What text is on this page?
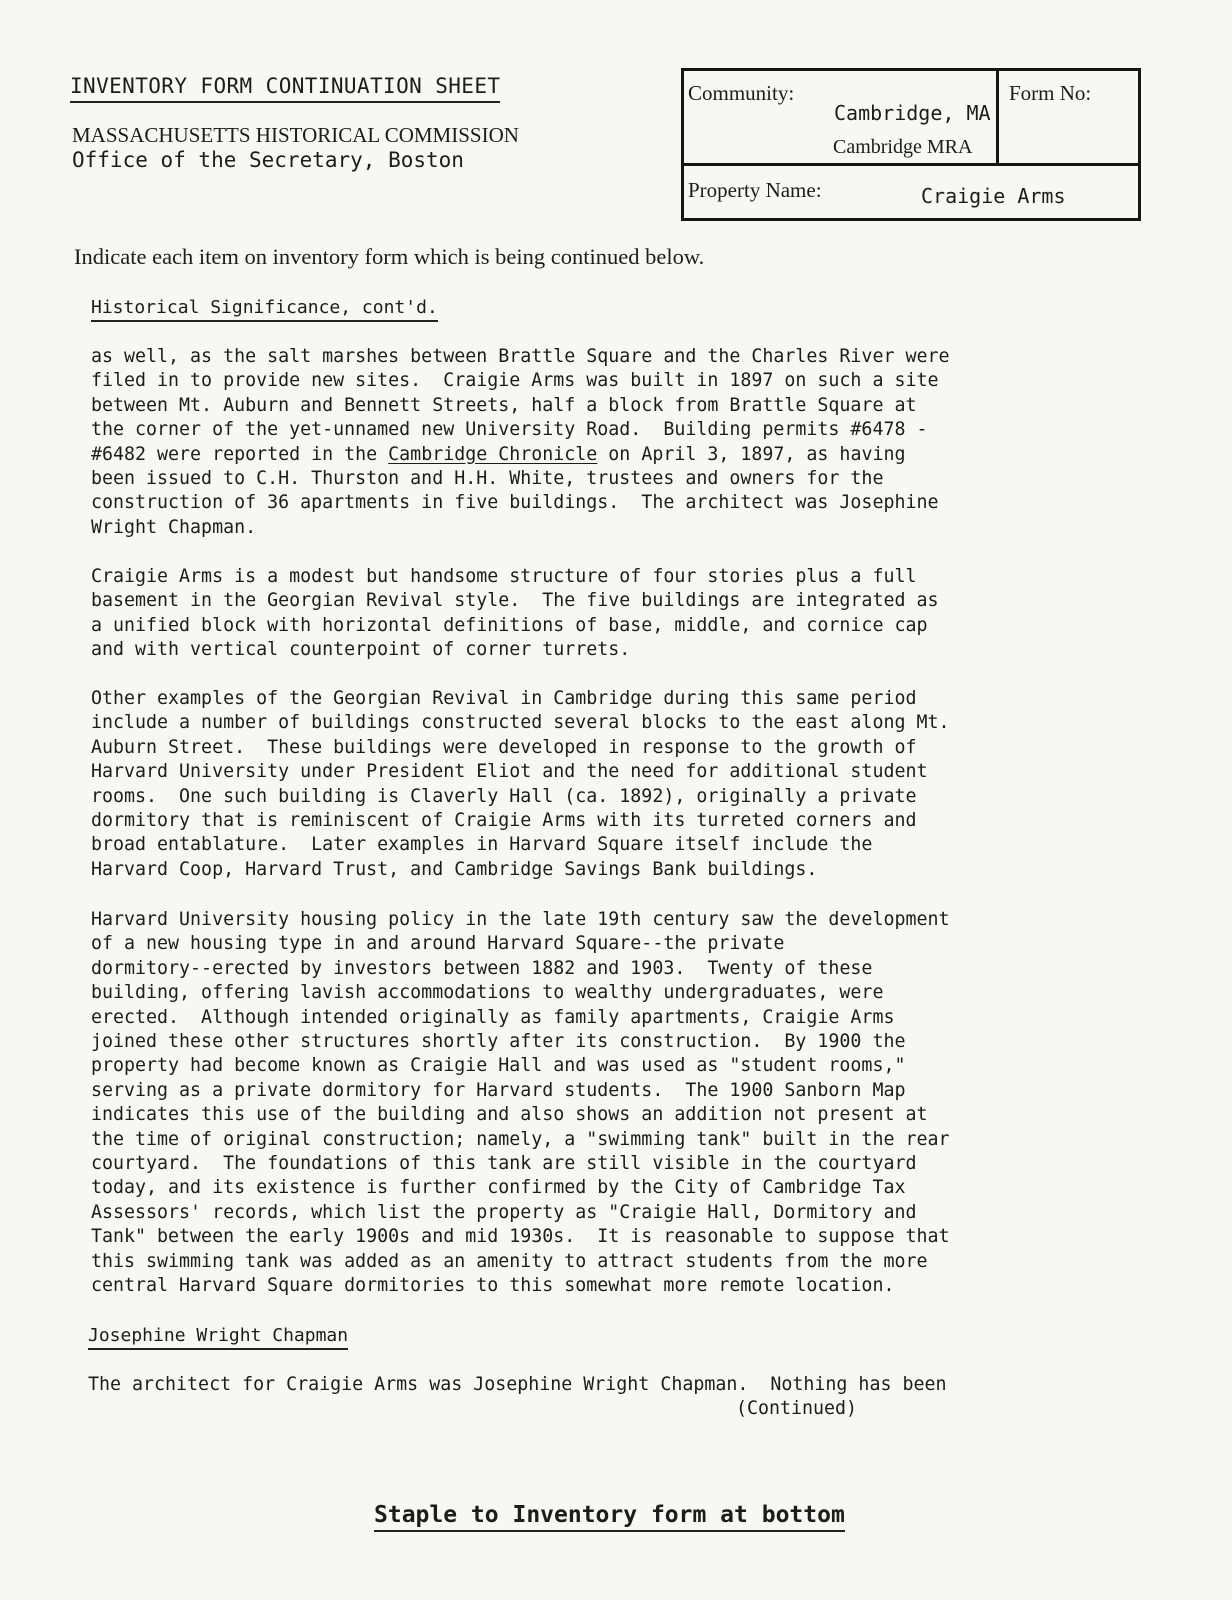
INVENTORY FORM CONTINUATION SHEET
MASSACHUSETTS HISTORICAL COMMISSION
Office of the Secretary, Boston
Community:
Cambridge, MA
Cambridge MRA
Form No:
Property Name:	Craigie Arms
Indicate each item on inventory form which is being continued below.
Historical Significance, cont'd.

as well, as the salt marshes between Brattle Square and the Charles River were
filed in to provide new sites.  Craigie Arms was built in 1897 on such a site
between Mt. Auburn and Bennett Streets, half a block from Brattle Square at
the corner of the yet-unnamed new University Road.  Building permits #6478 -
#6482 were reported in the Cambridge Chronicle on April 3, 1897, as having
been issued to C.H. Thurston and H.H. White, trustees and owners for the
construction of 36 apartments in five buildings.  The architect was Josephine
Wright Chapman.

Craigie Arms is a modest but handsome structure of four stories plus a full
basement in the Georgian Revival style.  The five buildings are integrated as
a unified block with horizontal definitions of base, middle, and cornice cap
and with vertical counterpoint of corner turrets.

Other examples of the Georgian Revival in Cambridge during this same period
include a number of buildings constructed several blocks to the east along Mt.
Auburn Street.  These buildings were developed in response to the growth of
Harvard University under President Eliot and the need for additional student
rooms.  One such building is Claverly Hall (ca. 1892), originally a private
dormitory that is reminiscent of Craigie Arms with its turreted corners and
broad entablature.  Later examples in Harvard Square itself include the
Harvard Coop, Harvard Trust, and Cambridge Savings Bank buildings.

Harvard University housing policy in the late 19th century saw the development
of a new housing type in and around Harvard Square--the private
dormitory--erected by investors between 1882 and 1903.  Twenty of these
building, offering lavish accommodations to wealthy undergraduates, were
erected.  Although intended originally as family apartments, Craigie Arms
joined these other structures shortly after its construction.  By 1900 the
property had become known as Craigie Hall and was used as "student rooms,"
serving as a private dormitory for Harvard students.  The 1900 Sanborn Map
indicates this use of the building and also shows an addition not present at
the time of original construction; namely, a "swimming tank" built in the rear
courtyard.  The foundations of this tank are still visible in the courtyard
today, and its existence is further confirmed by the City of Cambridge Tax
Assessors' records, which list the property as "Craigie Hall, Dormitory and
Tank" between the early 1900s and mid 1930s.  It is reasonable to suppose that
this swimming tank was added as an amenity to attract students from the more
central Harvard Square dormitories to this somewhat more remote location.

Josephine Wright Chapman

The architect for Craigie Arms was Josephine Wright Chapman.  Nothing has been

(Continued)
Staple to Inventory form at bottom
